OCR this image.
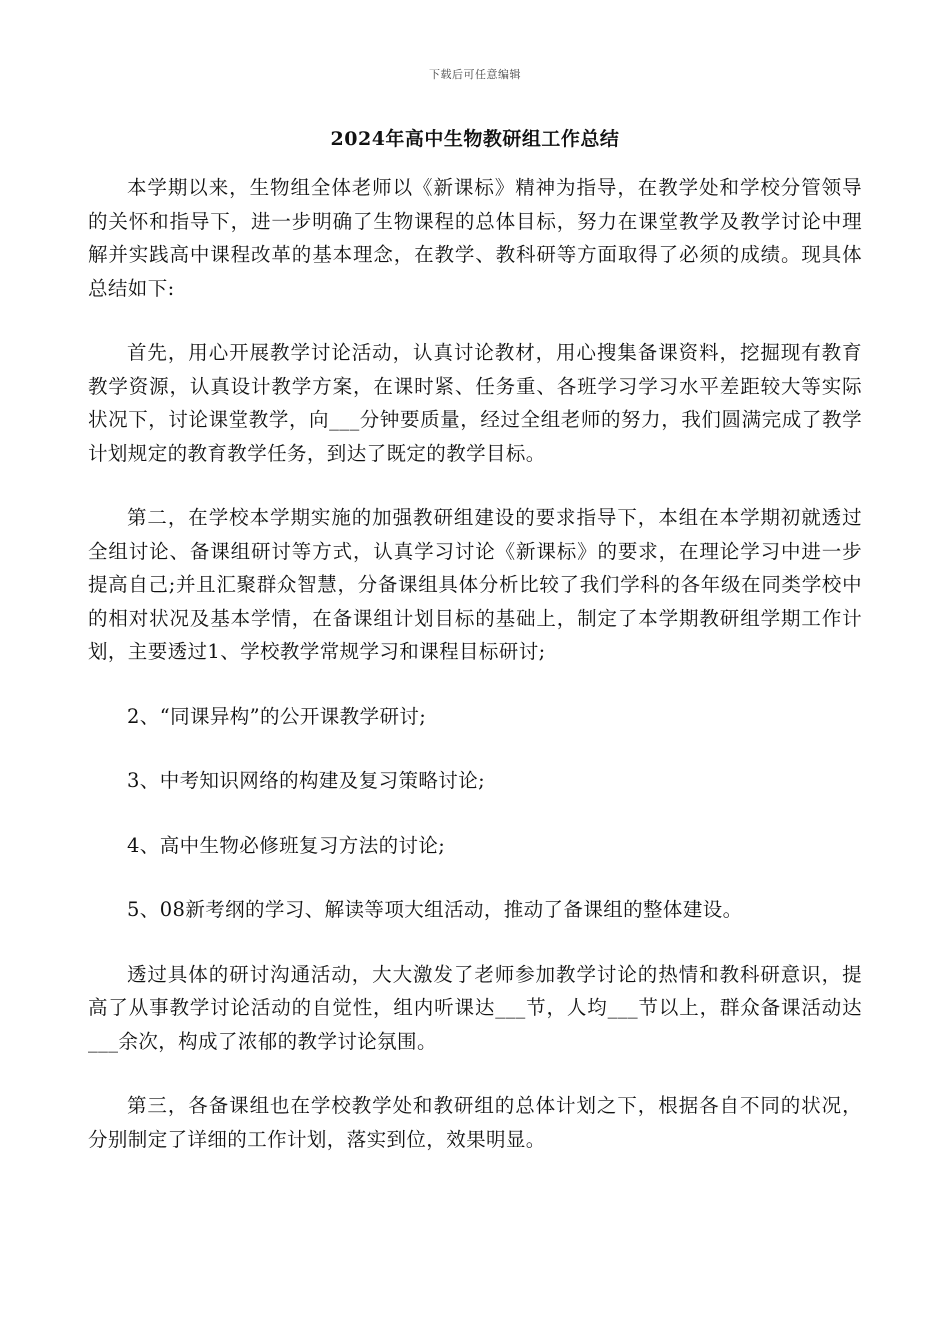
下载后可任意编辑
2024年高中生物教研组工作总结

本学期以来，生物组全体老师以《新课标》精神为指导，在教学处和学校分管领导的关怀和指导下，进一步明确了生物课程的总体目标，努力在课堂教学及教学讨论中理解并实践高中课程改革的基本理念，在教学、教科研等方面取得了必须的成绩。现具体总结如下:

首先，用心开展教学讨论活动，认真讨论教材，用心搜集备课资料，挖掘现有教育教学资源，认真设计教学方案，在课时紧、任务重、各班学习学习水平差距较大等实际状况下，讨论课堂教学，向___分钟要质量，经过全组老师的努力，我们圆满完成了教学计划规定的教育教学任务，到达了既定的教学目标。

第二，在学校本学期实施的加强教研组建设的要求指导下，本组在本学期初就透过全组讨论、备课组研讨等方式，认真学习讨论《新课标》的要求，在理论学习中进一步提高自己;并且汇聚群众智慧，分备课组具体分析比较了我们学科的各年级在同类学校中的相对状况及基本学情，在备课组计划目标的基础上，制定了本学期教研组学期工作计划，主要透过1、学校教学常规学习和课程目标研讨;

2、“同课异构”的公开课教学研讨;

3、中考知识网络的构建及复习策略讨论;

4、高中生物必修班复习方法的讨论;

5、08新考纲的学习、解读等项大组活动，推动了备课组的整体建设。

透过具体的研讨沟通活动，大大激发了老师参加教学讨论的热情和教科研意识，提高了从事教学讨论活动的自觉性，组内听课达___节，人均___节以上，群众备课活动达___余次，构成了浓郁的教学讨论氛围。

第三，各备课组也在学校教学处和教研组的总体计划之下，根据各自不同的状况，分别制定了详细的工作计划，落实到位，效果明显。
